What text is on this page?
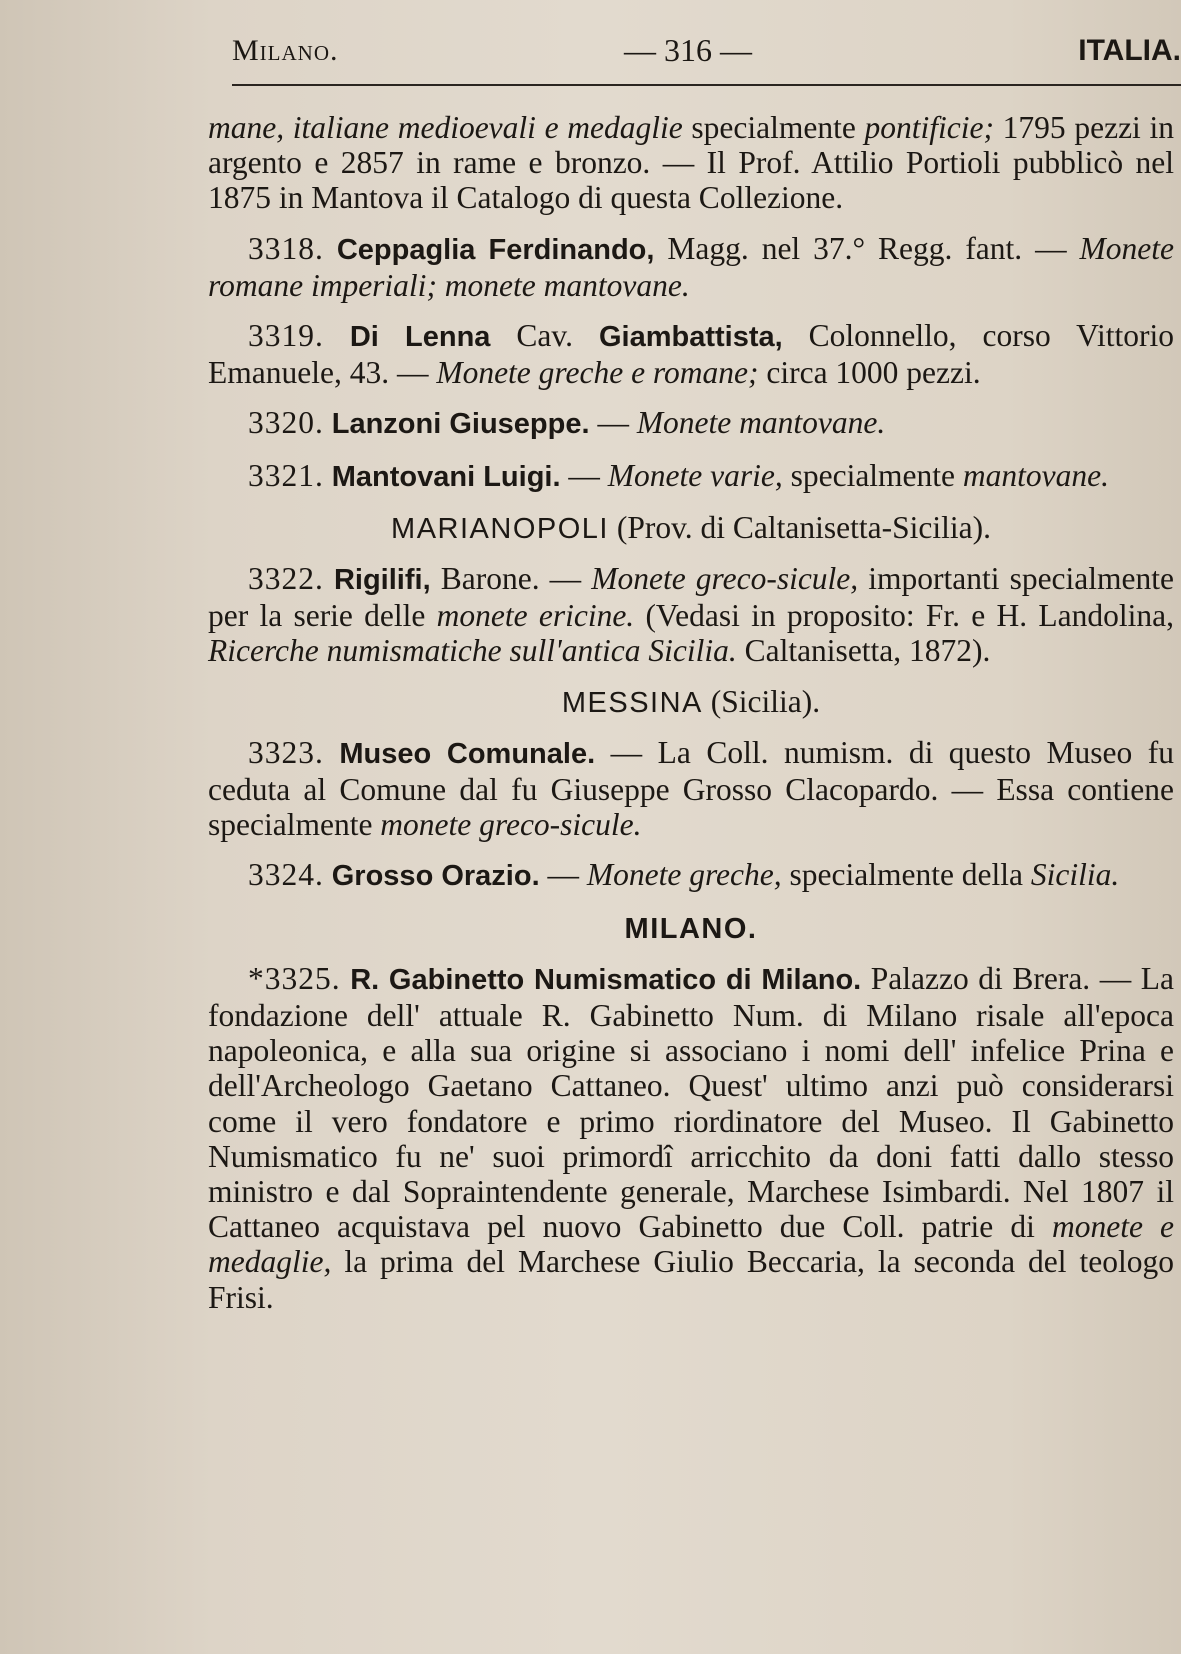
Milano.	— 316 —	ITALIA.

mane, italiane medioevali e medaglie specialmente pontificie; 1795 pezzi in argento e 2857 in rame e bronzo. — Il Prof. Attilio Portioli pubblicò nel 1875 in Mantova il Catalogo di questa Collezione.

3318. Ceppaglia Ferdinando, Magg. nel 37.° Regg. fant. — Monete romane imperiali; monete mantovane.

3319. Di Lenna Cav. Giambattista, Colonnello, corso Vittorio Emanuele, 43. — Monete greche e romane; circa 1000 pezzi.

3320. Lanzoni Giuseppe. — Monete mantovane.

3321. Mantovani Luigi. — Monete varie, specialmente mantovane.

MARIANOPOLI (Prov. di Caltanisetta-Sicilia).

3322. Rigilifi, Barone. — Monete greco-sicule, importanti specialmente per la serie delle monete ericine. (Vedasi in proposito: Fr. e H. Landolina, Ricerche numismatiche sull'antica Sicilia. Caltanisetta, 1872).

MESSINA (Sicilia).

3323. Museo Comunale. — La Coll. numism. di questo Museo fu ceduta al Comune dal fu Giuseppe Grosso Clacopardo. — Essa contiene specialmente monete greco-sicule.

3324. Grosso Orazio. — Monete greche, specialmente della Sicilia.

MILANO.

*3325. R. Gabinetto Numismatico di Milano. Palazzo di Brera. — La fondazione dell' attuale R. Gabinetto Num. di Milano risale all'epoca napoleonica, e alla sua origine si associano i nomi dell' infelice Prina e dell'Archeologo Gaetano Cattaneo. Quest' ultimo anzi può considerarsi come il vero fondatore e primo riordinatore del Museo. Il Gabinetto Numismatico fu ne' suoi primordî arricchito da doni fatti dallo stesso ministro e dal Sopraintendente generale, Marchese Isimbardi. Nel 1807 il Cattaneo acquistava pel nuovo Gabinetto due Coll. patrie di monete e medaglie, la prima del Marchese Giulio Beccaria, la seconda del teologo Frisi.
